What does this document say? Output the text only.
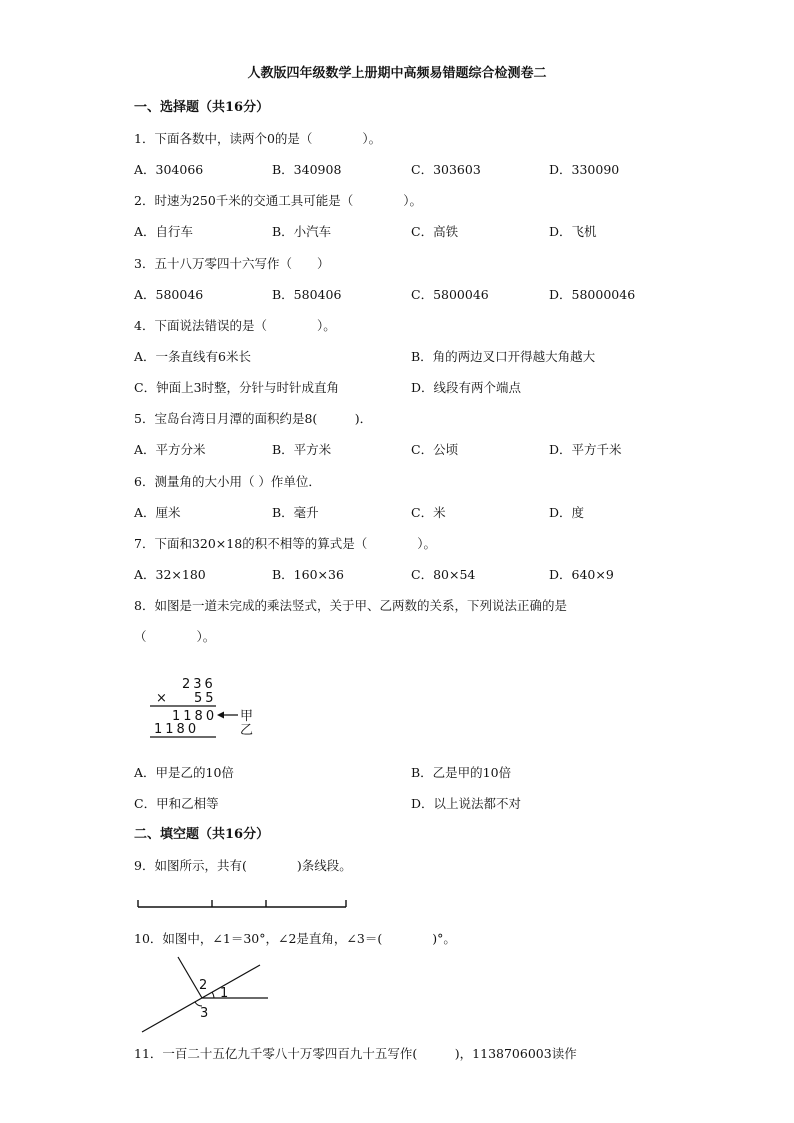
人教版四年级数学上册期中高频易错题综合检测卷二
一、选择题（共16分）
1．下面各数中，读两个0的是（　　　　）。
A．304066	B．340908	C．303603	D．330090
2．时速为250千米的交通工具可能是（　　　　）。
A．自行车	B．小汽车	C．高铁	D．飞机
3．五十八万零四十六写作（　　）
A．580046	B．580406	C．5800046	D．58000046
4．下面说法错误的是（　　　　）。
A．一条直线有6米长	B．角的两边叉口开得越大角越大
C．钟面上3时整，分针与时针成直角	D．线段有两个端点
5．宝岛台湾日月潭的面积约是8(　　　)．
A．平方分米	B．平方米	C．公顷	D．平方千米
6．测量角的大小用（ ）作单位．
A．厘米	B．毫升	C．米	D．度
7．下面和320×18的积不相等的算式是（　　　　）。
A．32×180	B．160×36	C．80×54	D．640×9
8．如图是一道未完成的乘法竖式，关于甲、乙两数的关系，下列说法正确的是
（　　　　）。
236
× 55
1180
1180
甲
乙
A．甲是乙的10倍	B．乙是甲的10倍
C．甲和乙相等	D．以上说法都不对
二、填空题（共16分）
9．如图所示，共有(　　　　)条线段。
10．如图中，∠1＝30°，∠2是直角，∠3＝(　　　　)°。
1
2
3
11．一百二十五亿九千零八十万零四百九十五写作(　　　)，1138706003读作
